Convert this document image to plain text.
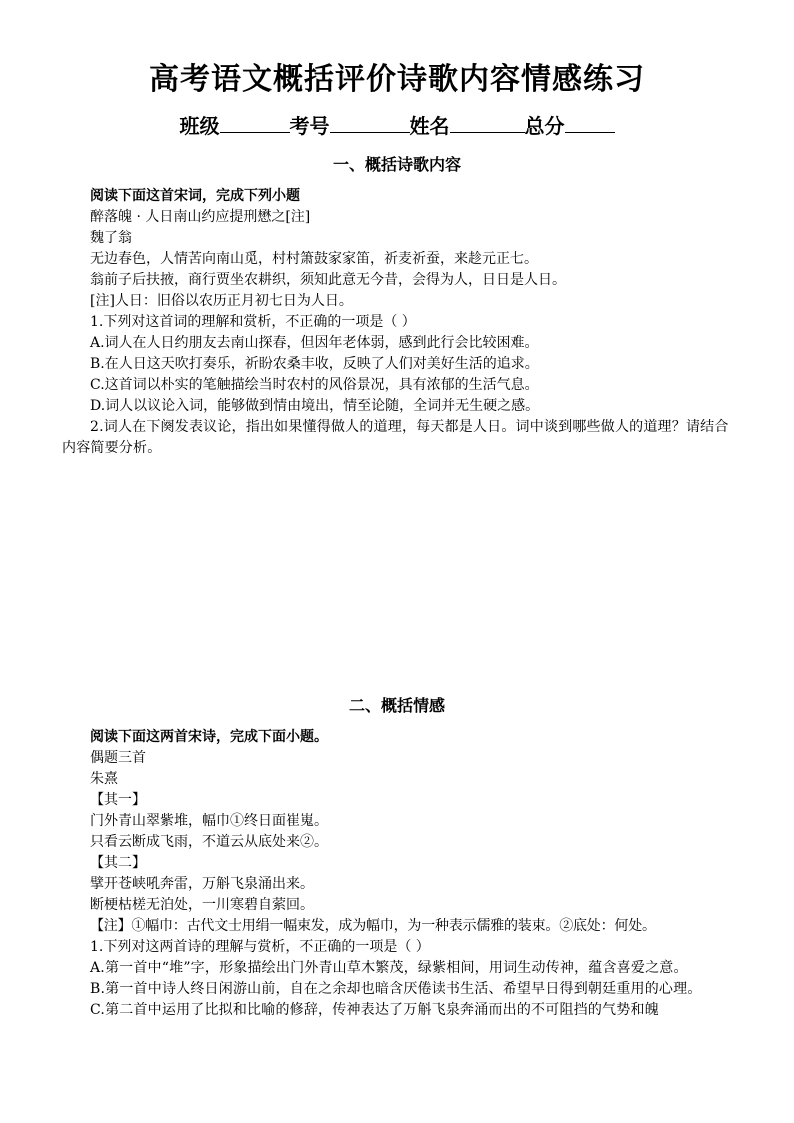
高考语文概括评价诗歌内容情感练习
班级	考号	姓名	总分
一、概括诗歌内容
阅读下面这首宋词，完成下列小题
醉落魄 · 人日南山约应提刑懋之[注]
魏了翁
无边春色，人情苦向南山觅，村村箫鼓家家笛，祈麦祈蚕，来趁元正七。
翁前子后扶掖，商行贾坐农耕织，须知此意无今昔，会得为人，日日是人日。
[注]人日：旧俗以农历正月初七日为人日。
1.下列对这首词的理解和赏析，不正确的一项是（ ）
A.词人在人日约朋友去南山探春，但因年老体弱，感到此行会比较困难。
B.在人日这天吹打奏乐，祈盼农桑丰收，反映了人们对美好生活的追求。
C.这首词以朴实的笔触描绘当时农村的风俗景况，具有浓郁的生活气息。
D.词人以议论入词，能够做到情由境出，情至论随，全词并无生硬之感。
2.词人在下阕发表议论，指出如果懂得做人的道理，每天都是人日。词中谈到哪些做人的道理？请结合内容简要分析。
二、概括情感
阅读下面这两首宋诗，完成下面小题。
偶题三首
朱熹
【其一】
门外青山翠紫堆，幅巾①终日面崔嵬。
只看云断成飞雨，不道云从底处来②。
【其二】
擘开苍峡吼奔雷，万斛飞泉涌出来。
断梗枯槎无泊处，一川寒碧自萦回。
【注】①幅巾：古代文士用绢一幅束发，成为幅巾，为一种表示儒雅的装束。②底处：何处。
1.下列对这两首诗的理解与赏析，不正确的一项是（ ）
A.第一首中“堆”字，形象描绘出门外青山草木繁茂，绿紫相间，用词生动传神，蕴含喜爱之意。
B.第一首中诗人终日闲游山前，自在之余却也暗含厌倦读书生活、希望早日得到朝廷重用的心理。
C.第二首中运用了比拟和比喻的修辞，传神表达了万斛飞泉奔涌而出的不可阻挡的气势和魄
